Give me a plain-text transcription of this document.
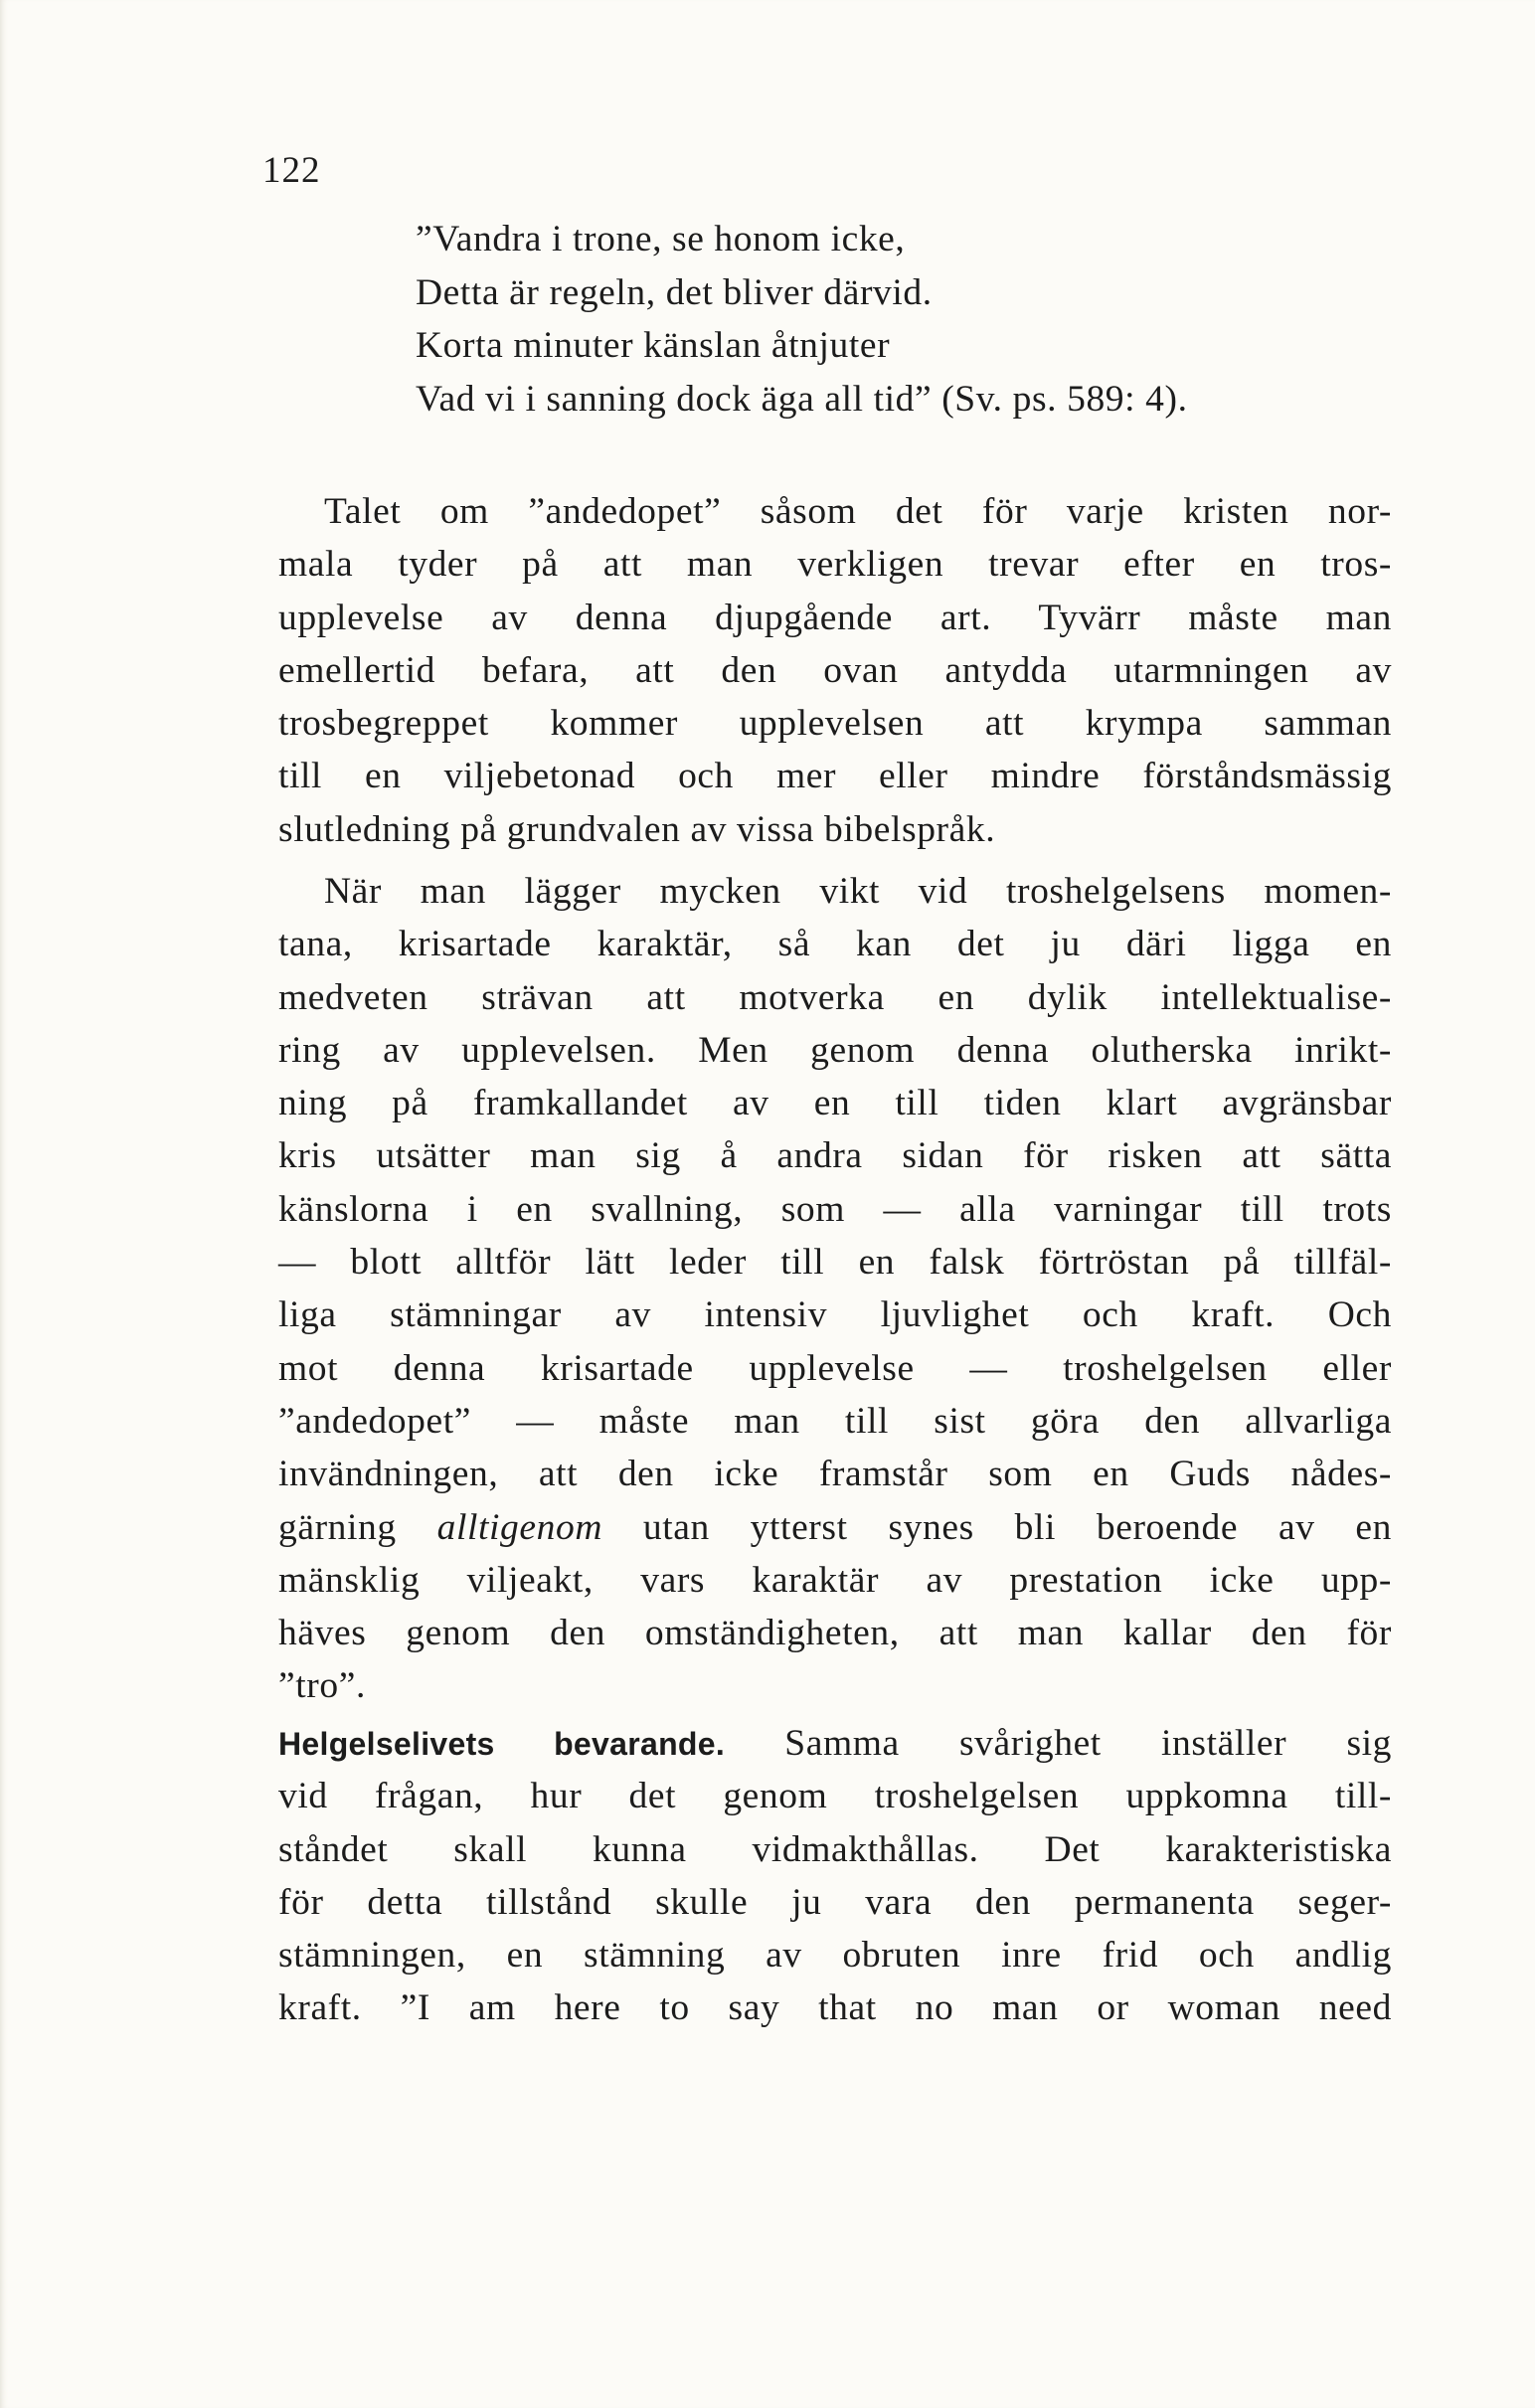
122
”Vandra i trone, se honom icke,
Detta är regeln, det bliver därvid.
Korta minuter känslan åtnjuter
Vad vi i sanning dock äga all tid” (Sv. ps. 589: 4).
Talet om ”andedopet” såsom det för varje kristen nor-
mala tyder på att man verkligen trevar efter en tros-
upplevelse av denna djupgående art. Tyvärr måste man
emellertid befara, att den ovan antydda utarmningen av
trosbegreppet kommer upplevelsen att krympa samman
till en viljebetonad och mer eller mindre förståndsmässig
slutledning på grundvalen av vissa bibelspråk.
När man lägger mycken vikt vid troshelgelsens momen-
tana, krisartade karaktär, så kan det ju däri ligga en
medveten strävan att motverka en dylik intellektualise-
ring av upplevelsen. Men genom denna olutherska inrikt-
ning på framkallandet av en till tiden klart avgränsbar
kris utsätter man sig å andra sidan för risken att sätta
känslorna i en svallning, som — alla varningar till trots
— blott alltför lätt leder till en falsk förtröstan på tillfäl-
liga stämningar av intensiv ljuvlighet och kraft. Och
mot denna krisartade upplevelse — troshelgelsen eller
”andedopet” — måste man till sist göra den allvarliga
invändningen, att den icke framstår som en Guds nådes-
gärning alltigenom utan ytterst synes bli beroende av en
mänsklig viljeakt, vars karaktär av prestation icke upp-
häves genom den omständigheten, att man kallar den för
”tro”.
Helgelselivets bevarande. Samma svårighet inställer sig
vid frågan, hur det genom troshelgelsen uppkomna till-
ståndet skall kunna vidmakthållas. Det karakteristiska
för detta tillstånd skulle ju vara den permanenta seger-
stämningen, en stämning av obruten inre frid och andlig
kraft. ”I am here to say that no man or woman need
